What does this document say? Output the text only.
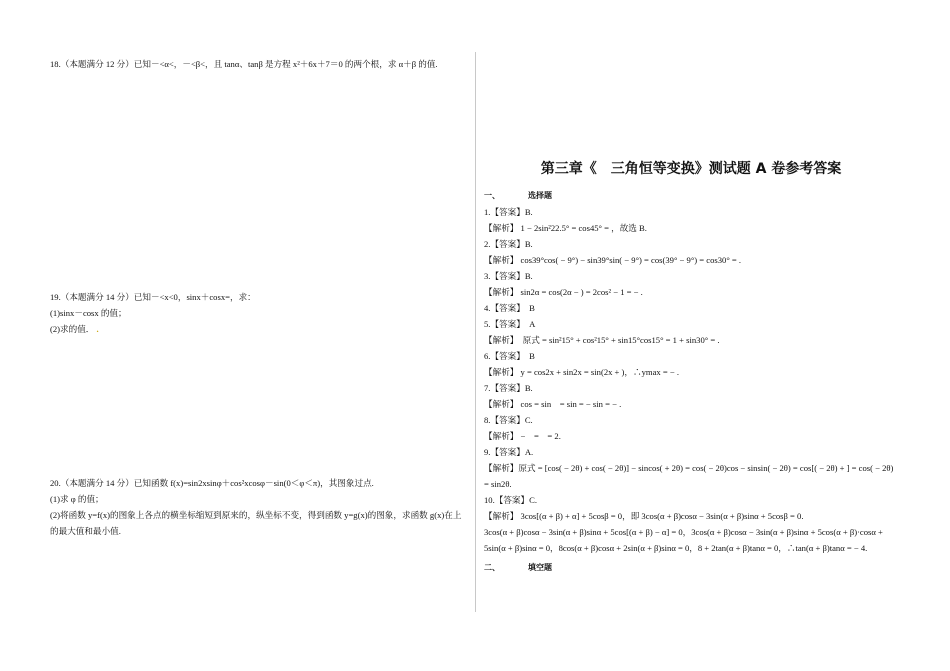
18.（本题满分 12 分）已知－<α<，－<β<，且 tanα、tanβ 是方程 x²＋6x＋7＝0 的两个根，求 α＋β 的值.

19.（本题满分 14 分）已知－<x<0，sinx＋cosx=，求：

(1)sinx－cosx 的值；

(2)求的值． .

20.（本题满分 14 分）已知函数 f(x)=sin2xsinφ＋cos²xcosφ－sin(0＜φ＜π)，其图象过点.

(1)求 φ 的值；

(2)将函数 y=f(x)的图象上各点的横坐标缩短到原来的，纵坐标不变，得到函数 y=g(x)的图象，求函数 g(x)在上的最大值和最小值.

第三章《　三角恒等变换》测试题 A 卷参考答案

一、	选择题

1.【答案】B.

【解析】 1 − 2sin²22.5° = cos45° = ，故选 B.

2.【答案】B.

【解析】 cos39°cos( − 9°) − sin39°sin( − 9°) = cos(39° − 9°) = cos30° = .

3.【答案】B.

【解析】 sin2α = cos(2α − ) = 2cos² − 1 = − .

4.【答案】　B

5.【答案】　A

【解析】　原式 = sin²15° + cos²15° + sin15°cos15° = 1 + sin30° = .

6.【答案】　B

【解析】 y = cos2x + sin2x = sin(2x + )，∴ymax = − .

7.【答案】B.

【解析】 cos = sin　= sin = − sin = − .

8.【答案】C.

【解析】 −　=　= 2.

9.【答案】A.

【解析】原式 = [cos( − 2θ) + cos( − 2θ)] − sincos( + 2θ) = cos( − 2θ)cos − sinsin( − 2θ) = cos[( − 2θ) + ] = cos( − 2θ) = sin2θ.

10.【答案】C.

【解析】 3cos[(α + β) + α] + 5cosβ = 0，即 3cos(α + β)cosα − 3sin(α + β)sinα + 5cosβ = 0.

3cos(α + β)cosα − 3sin(α + β)sinα + 5cos[(α + β) − α] = 0，3cos(α + β)cosα − 3sin(α + β)sinα + 5cos(α + β)·cosα +

5sin(α + β)sinα = 0，8cos(α + β)cosα + 2sin(α + β)sinα = 0，8 + 2tan(α + β)tanα = 0，∴tan(α + β)tanα = − 4.

二、	填空题
